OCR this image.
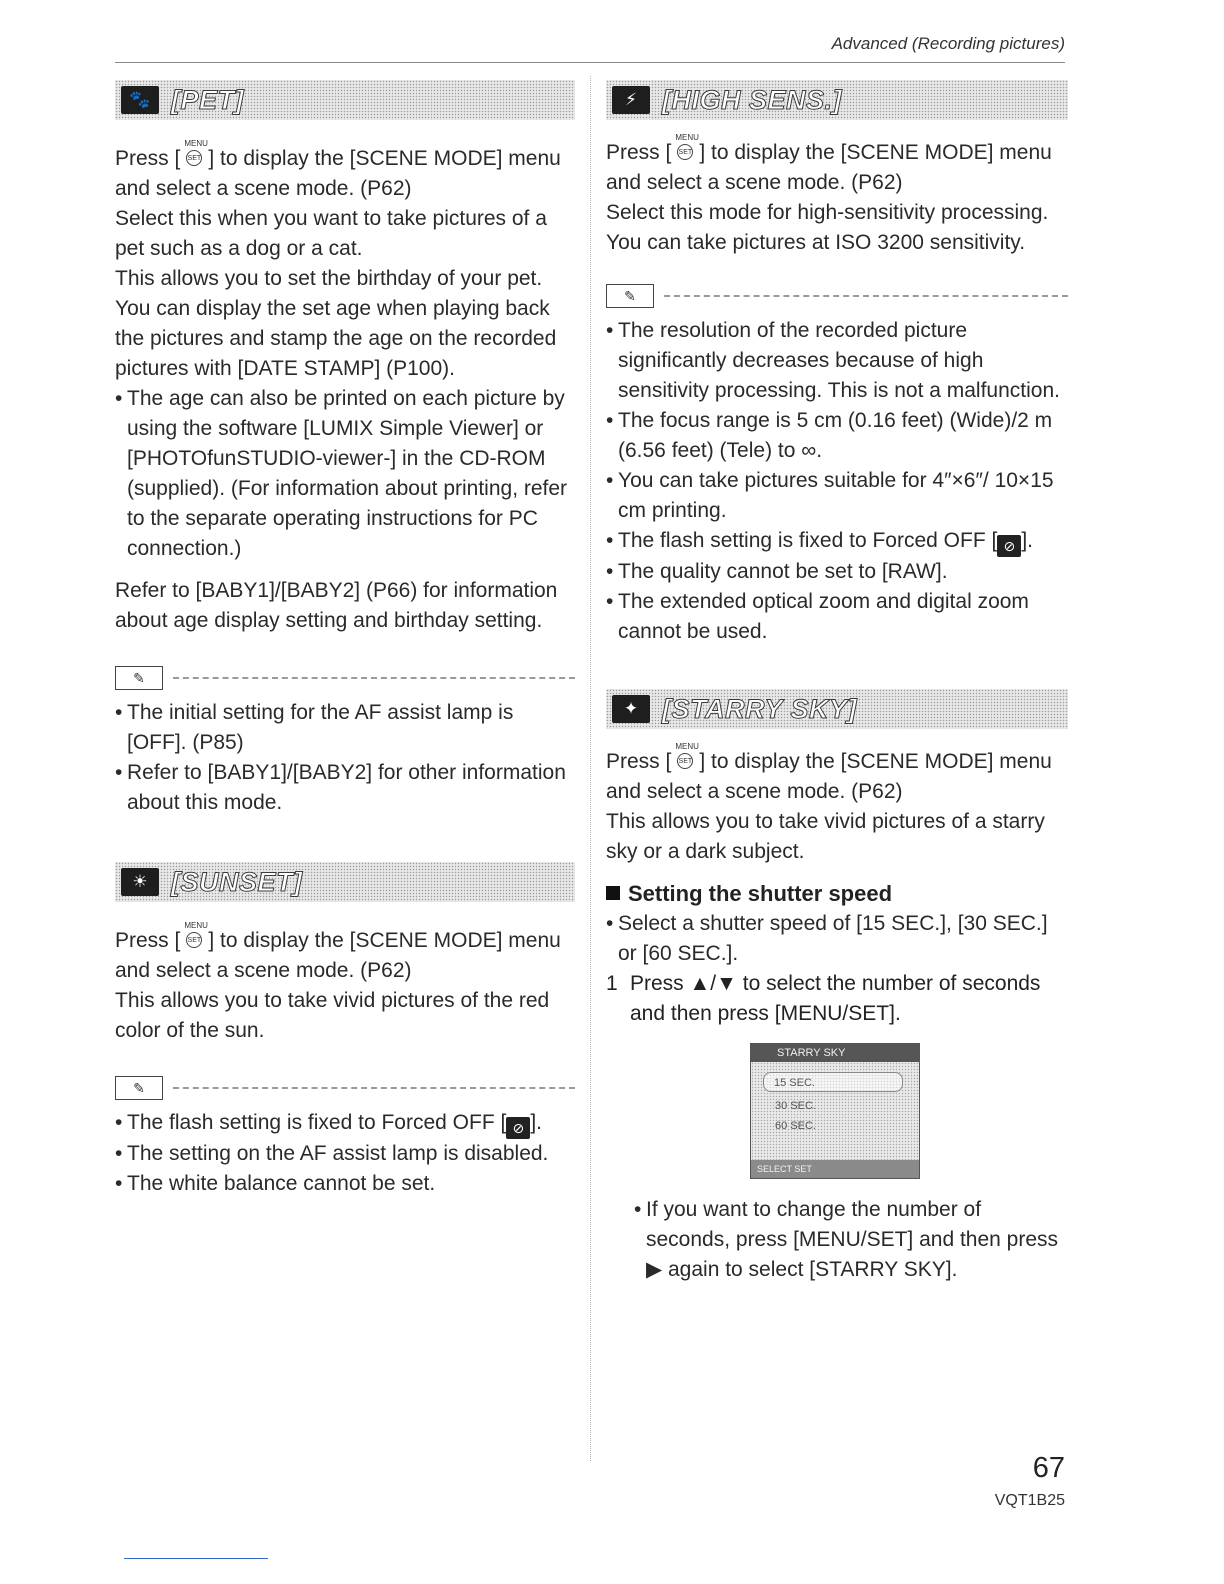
Advanced (Recording pictures)
🐾 [PET]

Press [
MENU
SET ] to display the [SCENE MODE] menu and select a scene mode. (P62)

Select this when you want to take pictures of a pet such as a dog or a cat.

This allows you to set the birthday of your pet.

You can display the set age when playing back the pictures and stamp the age on the recorded pictures with [DATE STAMP] (P100).

• The age can also be printed on each picture by using the software [LUMIX Simple Viewer] or [PHOTOfunSTUDIO-viewer-] in the CD-ROM (supplied). (For information about printing, refer to the separate operating instructions for PC connection.)

Refer to [BABY1]/[BABY2] (P66) for information about age display setting and birthday setting.

✎
• The initial setting for the AF assist lamp is [OFF]. (P85)
• Refer to [BABY1]/[BABY2] for other information about this mode.
☀ [SUNSET]

Press [
MENU
SET ] to display the [SCENE MODE] menu and select a scene mode. (P62)

This allows you to take vivid pictures of the red color of the sun.

✎
• The flash setting is fixed to Forced OFF [ ⊘ ].
• The setting on the AF assist lamp is disabled.
• The white balance cannot be set.
⚡ [HIGH SENS.]

Press [
MENU
SET ] to display the [SCENE MODE] menu and select a scene mode. (P62)

Select this mode for high-sensitivity processing. You can take pictures at ISO 3200 sensitivity.

✎
• The resolution of the recorded picture significantly decreases because of high sensitivity processing. This is not a malfunction.
• The focus range is 5 cm (0.16 feet) (Wide)/2 m (6.56 feet) (Tele) to ∞.
• You can take pictures suitable for 4″×6″/ 10×15 cm printing.
• The flash setting is fixed to Forced OFF [ ⊘ ].
• The quality cannot be set to [RAW].
• The extended optical zoom and digital zoom cannot be used.
✦ [STARRY SKY]

Press [
MENU
SET ] to display the [SCENE MODE] menu and select a scene mode. (P62)

This allows you to take vivid pictures of a starry sky or a dark subject.

Setting the shutter speed
• Select a shutter speed of [15 SEC.], [30 SEC.] or [60 SEC.].
1 Press ▲/▼ to select the number of seconds and then press [MENU/SET].
STARRY SKY
15 SEC.
30 SEC.
60 SEC.
SELECT SET
• If you want to change the number of seconds, press [MENU/SET] and then press ▶ again to select [STARRY SKY].
67
VQT1B25
